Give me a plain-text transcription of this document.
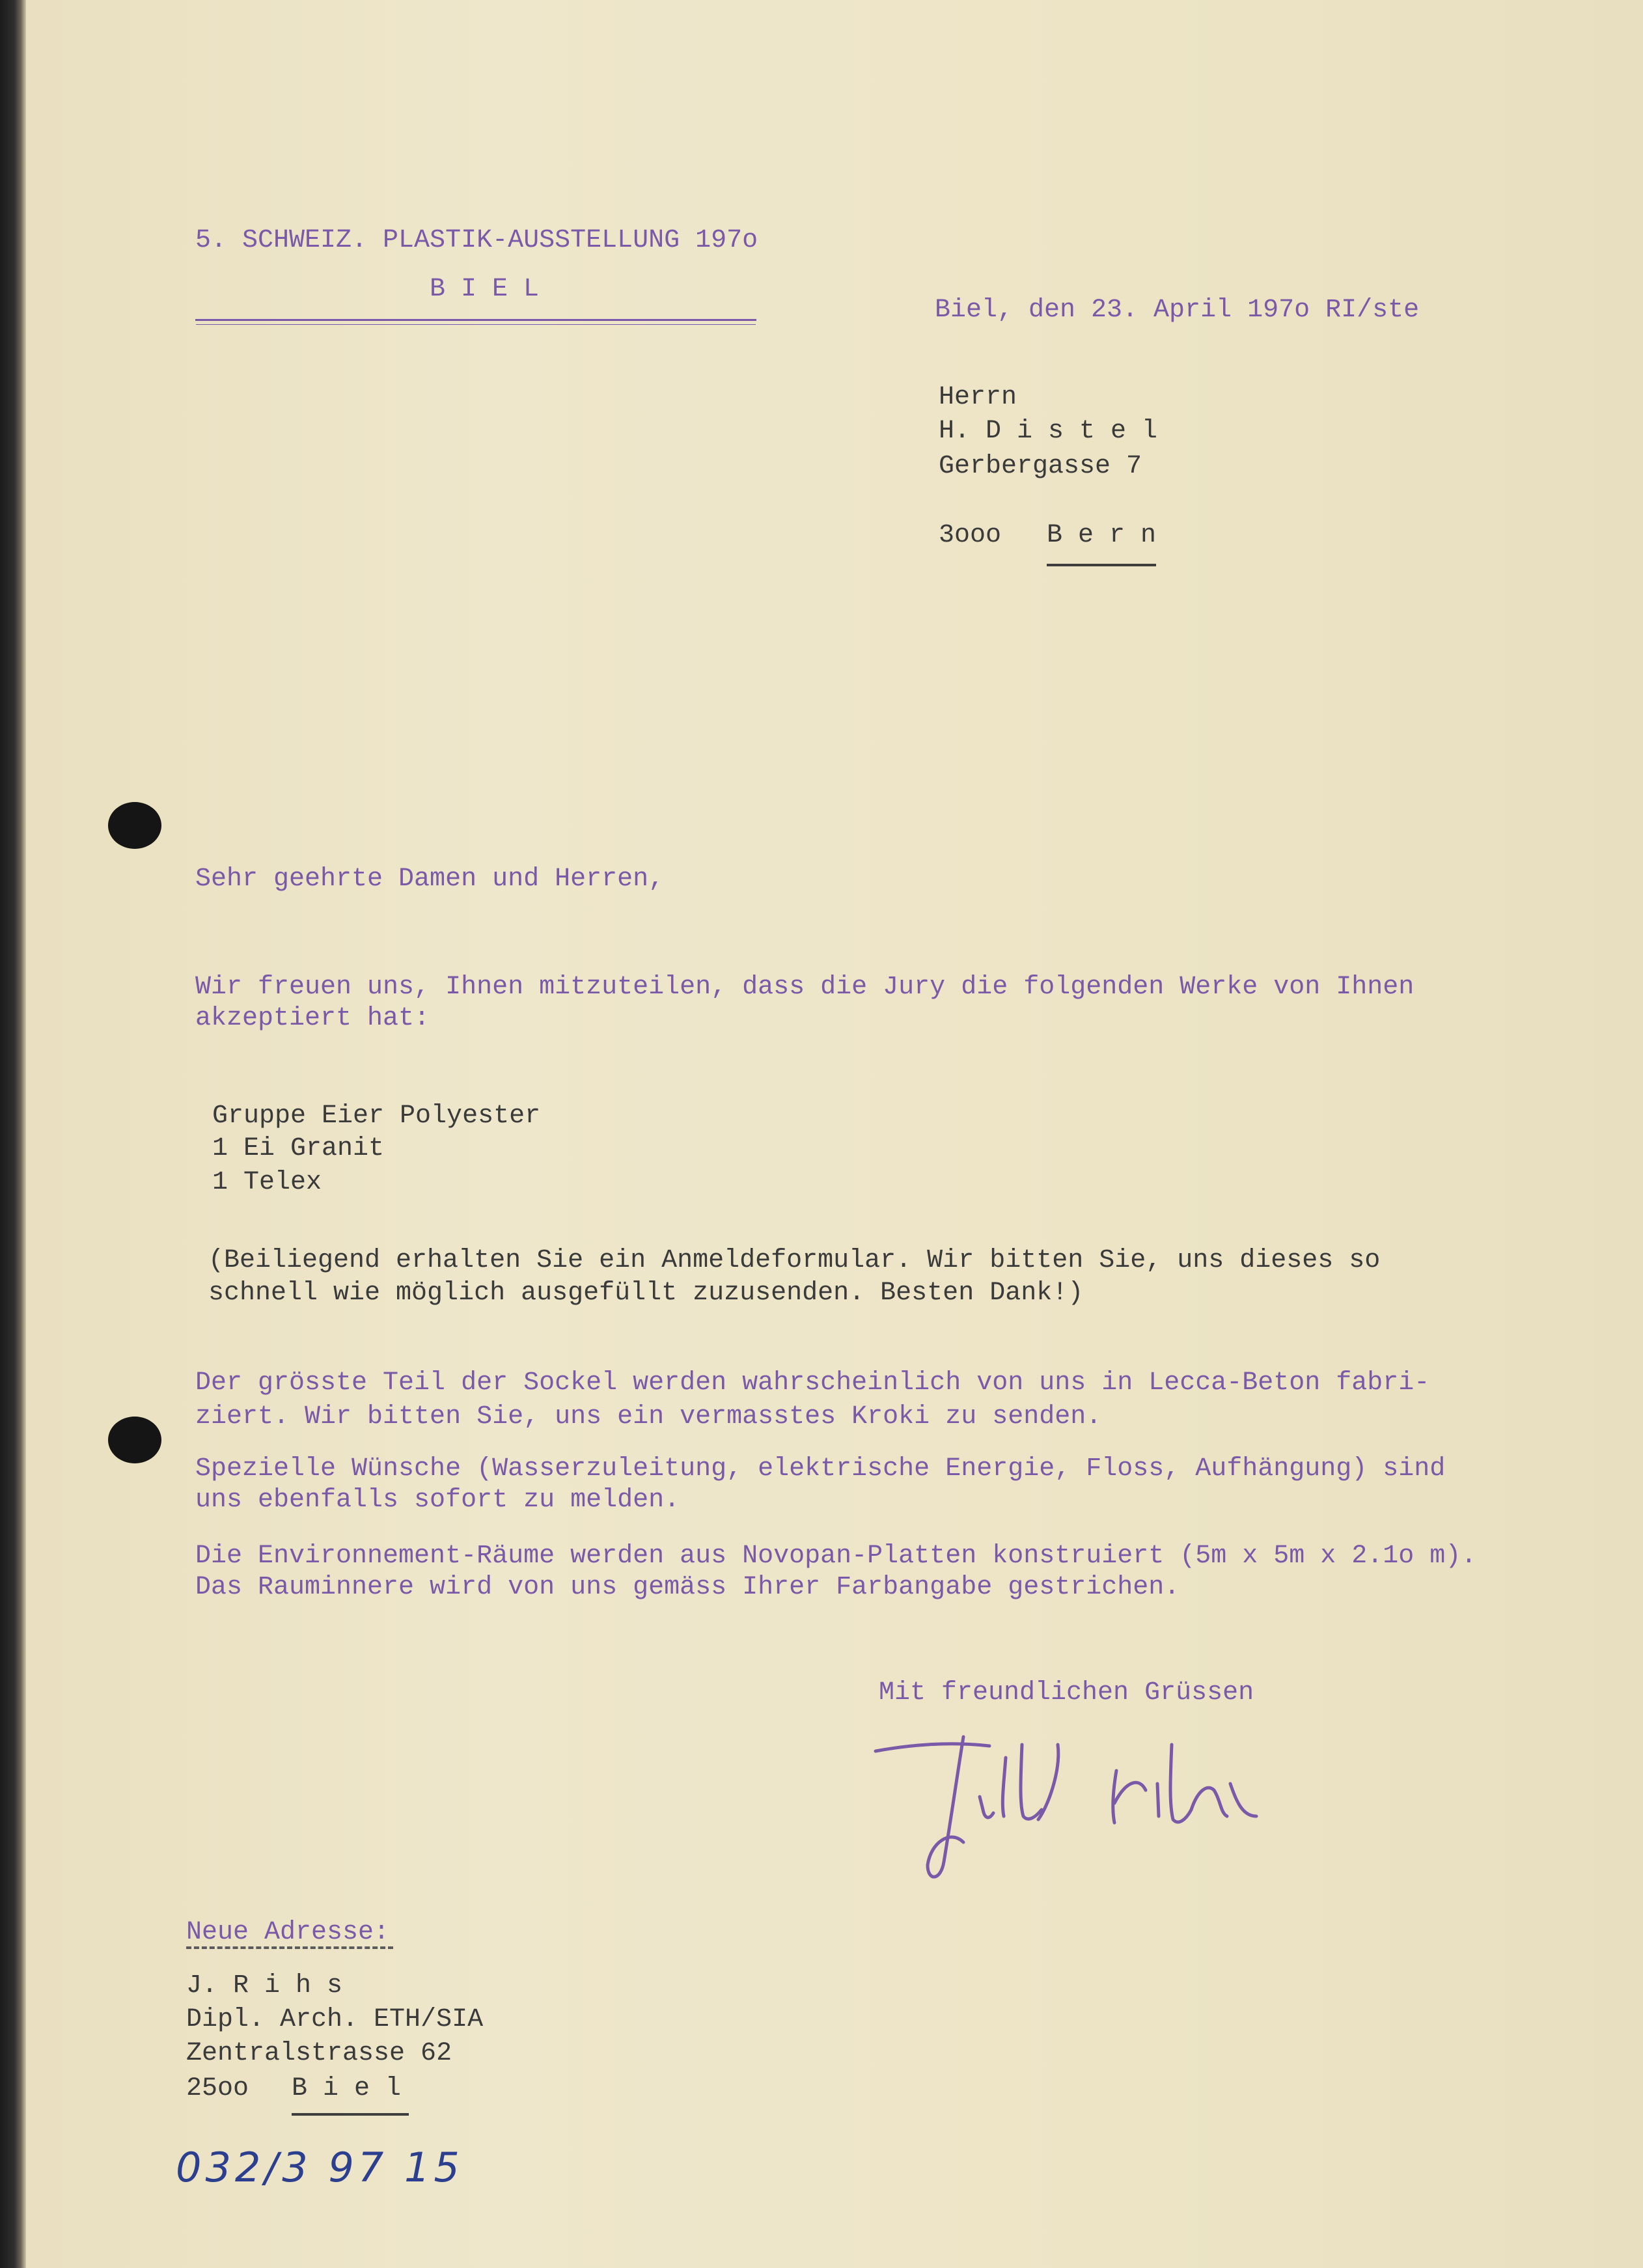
5. SCHWEIZ. PLASTIK-AUSSTELLUNG 197o
B I E L
Biel, den 23. April 197o RI/ste
Herrn
H. D i s t e l
Gerbergasse 7
3ooo B e r n
Sehr geehrte Damen und Herren,
Wir freuen uns, Ihnen mitzuteilen, dass die Jury die folgenden Werke von Ihnen
akzeptiert hat:
Gruppe Eier Polyester
1 Ei Granit
1 Telex
(Beiliegend erhalten Sie ein Anmeldeformular. Wir bitten Sie, uns dieses so
schnell wie möglich ausgefüllt zuzusenden. Besten Dank!)
Der grösste Teil der Sockel werden wahrscheinlich von uns in Lecca-Beton fabri-
ziert. Wir bitten Sie, uns ein vermasstes Kroki zu senden.
Spezielle Wünsche (Wasserzuleitung, elektrische Energie, Floss, Aufhängung) sind
uns ebenfalls sofort zu melden.
Die Environnement-Räume werden aus Novopan-Platten konstruiert (5m x 5m x 2.1o m).
Das Rauminnere wird von uns gemäss Ihrer Farbangabe gestrichen.
Mit freundlichen Grüssen
Neue Adresse:
J. R i h s
Dipl. Arch. ETH/SIA
Zentralstrasse 62
25oo B i e l
032/3 97 15
